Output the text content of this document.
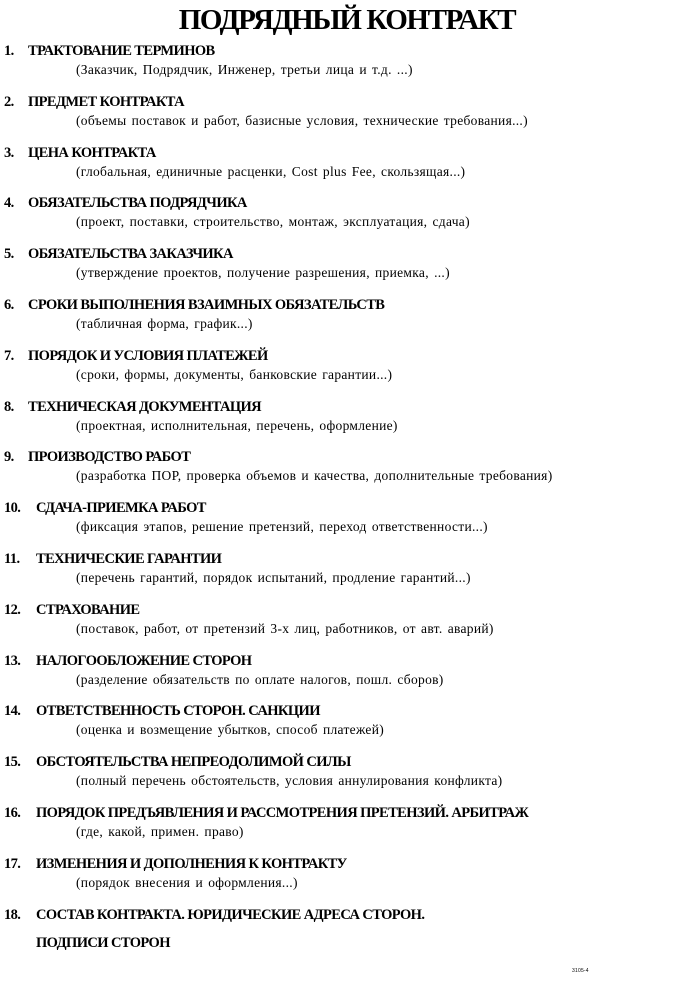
ПОДРЯДНЫЙ КОНТРАКТ
1. ТРАКТОВАНИЕ ТЕРМИНОВ
(Заказчик, Подрядчик, Инженер, третьи лица и т.д. ...)
2. ПРЕДМЕТ КОНТРАКТА
(объемы поставок и работ, базисные условия, технические требования...)
3. ЦЕНА КОНТРАКТА
(глобальная, единичные расценки, Cost plus Fee, скользящая...)
4. ОБЯЗАТЕЛЬСТВА ПОДРЯДЧИКА
(проект, поставки, строительство, монтаж, эксплуатация, сдача)
5. ОБЯЗАТЕЛЬСТВА ЗАКАЗЧИКА
(утверждение проектов, получение разрешения, приемка, ...)
6. СРОКИ ВЫПОЛНЕНИЯ ВЗАИМНЫХ ОБЯЗАТЕЛЬСТВ
(табличная форма, график...)
7. ПОРЯДОК И УСЛОВИЯ ПЛАТЕЖЕЙ
(сроки, формы, документы, банковские гарантии...)
8. ТЕХНИЧЕСКАЯ ДОКУМЕНТАЦИЯ
(проектная, исполнительная, перечень, оформление)
9. ПРОИЗВОДСТВО РАБОТ
(разработка ПОР, проверка объемов и качества, дополнительные требования)
10. СДАЧА-ПРИЕМКА РАБОТ
(фиксация этапов, решение претензий, переход ответственности...)
11. ТЕХНИЧЕСКИЕ ГАРАНТИИ
(перечень гарантий, порядок испытаний, продление гарантий...)
12. СТРАХОВАНИЕ
(поставок, работ, от претензий 3-х лиц, работников, от авт. аварий)
13. НАЛОГООБЛОЖЕНИЕ СТОРОН
(разделение обязательств по оплате налогов, пошл. сборов)
14. ОТВЕТСТВЕННОСТЬ СТОРОН. САНКЦИИ
(оценка и возмещение убытков, способ платежей)
15. ОБСТОЯТЕЛЬСТВА НЕПРЕОДОЛИМОЙ СИЛЫ
(полный перечень обстоятельств, условия аннулирования конфликта)
16. ПОРЯДОК ПРЕДЪЯВЛЕНИЯ И РАССМОТРЕНИЯ ПРЕТЕНЗИЙ. АРБИТРАЖ
(где, какой, примен. право)
17. ИЗМЕНЕНИЯ И ДОПОЛНЕНИЯ К КОНТРАКТУ
(порядок внесения и оформления...)
18. СОСТАВ КОНТРАКТА. ЮРИДИЧЕСКИЕ АДРЕСА СТОРОН.
ПОДПИСИ СТОРОН
3105-4
